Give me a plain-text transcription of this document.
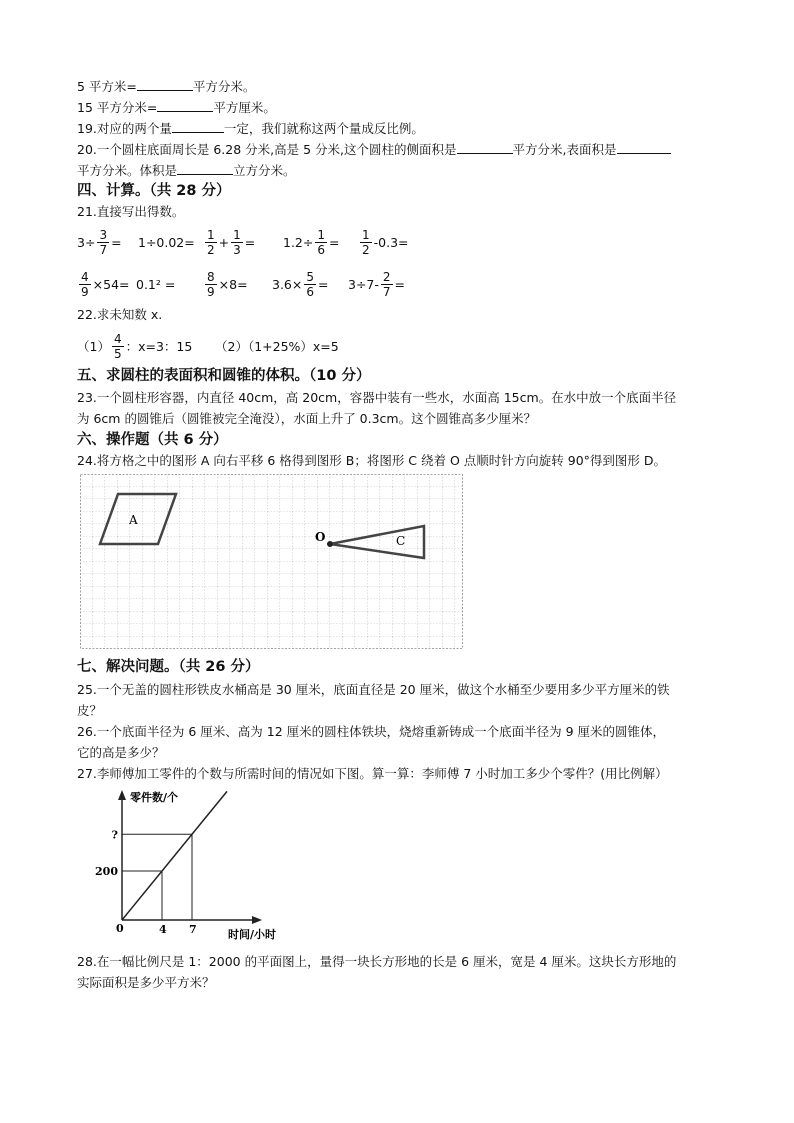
5 平方米=	平方分米。
15 平方分米=	平方厘米。
19.对应的两个量	一定，我们就称这两个量成反比例。
20.一个圆柱底面周长是 6.28 分米,高是 5 分米,这个圆柱的侧面积是	平方分米,表面积是
平方分米。体积是	立方分米。
四、计算。（共 28 分）
21.直接写出得数。
$3\div \frac{3}{7} = 1\div 0.02= \frac{1}{2} + \frac{1}{3} = 1.2\div \frac{1}{6} = \frac{1}{2} -0.3=$
$\frac{4}{9} \times 54= 0.1^2 = \frac{8}{9} \times 8= 3.6\times \frac{5}{6} = 3\div 7- \frac{2}{7}$ =
22.求未知数 x.
$(1) \frac{4}{5}$ ：x=3：15 （2）（1+25%）x=5
五、求圆柱的表面积和圆锥的体积。（10 分）
23.一个圆柱形容器，内直径 40cm，高 20cm，容器中装有一些水，水面高 15cm。在水中放一个底面半径
为 6cm 的圆锥后（圆锥被完全淹没），水面上升了 0.3cm。这个圆锥高多少厘米？
六、操作题（共 6 分）
24.将方格之中的图形 A 向右平移 6 格得到图形 B；将图形 C 绕着 O 点顺时针方向旋转 90°得到图形 D。
A
O	C
七、解决问题。（共 26 分）
25.一个无盖的圆柱形铁皮水桶高是 30 厘米，底面直径是 20 厘米，做这个水桶至少要用多少平方厘米的铁
皮？
26.一个底面半径为 6 厘米、高为 12 厘米的圆柱体铁块，烧熔重新铸成一个底面半径为 9 厘米的圆锥体，
它的高是多少？
27.李师傅加工零件的个数与所需时间的情况如下图。算一算：李师傅 7 小时加工多少个零件？(用比例解）
4
200
7
?
零件数/个
时间/小时
0
28.在一幅比例尺是 1：2000 的平面图上，量得一块长方形地的长是 6 厘米，宽是 4 厘米。这块长方形地的
实际面积是多少平方米？
